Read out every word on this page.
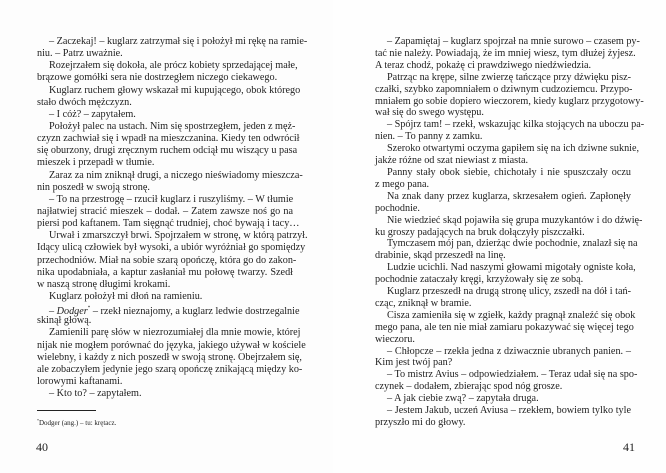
– Zaczekaj! – kuglarz zatrzymał się i położył mi rękę na ramie-
niu. – Patrz uważnie.
Rozejrzałem się dokoła, ale prócz kobiety sprzedającej małe,
brązowe gomółki sera nie dostrzegłem niczego ciekawego.
Kuglarz ruchem głowy wskazał mi kupującego, obok którego
stało dwóch mężczyzn.
– I cóż? – zapytałem.
Położył palec na ustach. Nim się spostrzegłem, jeden z męż-
czyzn zachwiał się i wpadł na mieszczanina. Kiedy ten odwrócił
się oburzony, drugi zręcznym ruchem odciął mu wiszący u pasa
mieszek i przepadł w tłumie.
Zaraz za nim zniknął drugi, a niczego nieświadomy mieszcza-
nin poszedł w swoją stronę.
– To na przestrogę – rzucił kuglarz i ruszyliśmy. – W tłumie
najłatwiej stracić mieszek – dodał. – Zatem zawsze noś go na
piersi pod kaftanem. Tam sięgnąć trudniej, choć bywają i tacy…
Urwał i zmarszczył brwi. Spojrzałem w stronę, w którą patrzył.
Idący ulicą człowiek był wysoki, a ubiór wyróżniał go spomiędzy
przechodniów. Miał na sobie szarą opończę, która go do zakon-
nika upodabniała, a kaptur zasłaniał mu połowę twarzy. Szedł
w naszą stronę długimi krokami.
Kuglarz położył mi dłoń na ramieniu.
– Dodger* – rzekł nieznajomy, a kuglarz ledwie dostrzegalnie
skinął głową.
Zamienili parę słów w niezrozumiałej dla mnie mowie, której
nijak nie mogłem porównać do języka, jakiego używał w kościele
wielebny, i każdy z nich poszedł w swoją stronę. Obejrzałem się,
ale zobaczyłem jedynie jego szarą opończę znikającą między ko-
lorowymi kaftanami.
– Kto to? – zapytałem.
*Dodger (ang.) – tu: krętacz.
40
– Zapamiętaj – kuglarz spojrzał na mnie surowo – czasem py-
tać nie należy. Powiadają, że im mniej wiesz, tym dłużej żyjesz.
A teraz chodź, pokażę ci prawdziwego niedźwiedzia.
Patrząc na krępe, silne zwierzę tańczące przy dźwięku pisz-
czałki, szybko zapomniałem o dziwnym cudzoziemcu. Przypo-
mniałem go sobie dopiero wieczorem, kiedy kuglarz przygotowy-
wał się do swego występu.
– Spójrz tam! – rzekł, wskazując kilka stojących na uboczu pa-
nien. – To panny z zamku.
Szeroko otwartymi oczyma gapiłem się na ich dziwne suknie,
jakże różne od szat niewiast z miasta.
Panny stały obok siebie, chichotały i nie spuszczały oczu
z mego pana.
Na znak dany przez kuglarza, skrzesałem ogień. Zapłonęły
pochodnie.
Nie wiedzieć skąd pojawiła się grupa muzykantów i do dźwię-
ku groszy padających na bruk dołączyły piszczałki.
Tymczasem mój pan, dzierżąc dwie pochodnie, znalazł się na
drabinie, skąd przeszedł na linę.
Ludzie ucichli. Nad naszymi głowami migotały ogniste koła,
pochodnie zataczały kręgi, krzyżowały się ze sobą.
Kuglarz przeszedł na drugą stronę ulicy, zszedł na dół i tań-
cząc, zniknął w bramie.
Cisza zamieniła się w zgiełk, każdy pragnął znaleźć się obok
mego pana, ale ten nie miał zamiaru pokazywać się więcej tego
wieczoru.
– Chłopcze – rzekła jedna z dziwacznie ubranych panien. –
Kim jest twój pan?
– To mistrz Avius – odpowiedziałem. – Teraz udał się na spo-
czynek – dodałem, zbierając spod nóg grosze.
– A jak ciebie zwą? – zapytała druga.
– Jestem Jakub, uczeń Aviusa – rzekłem, bowiem tylko tyle
przyszło mi do głowy.
41
